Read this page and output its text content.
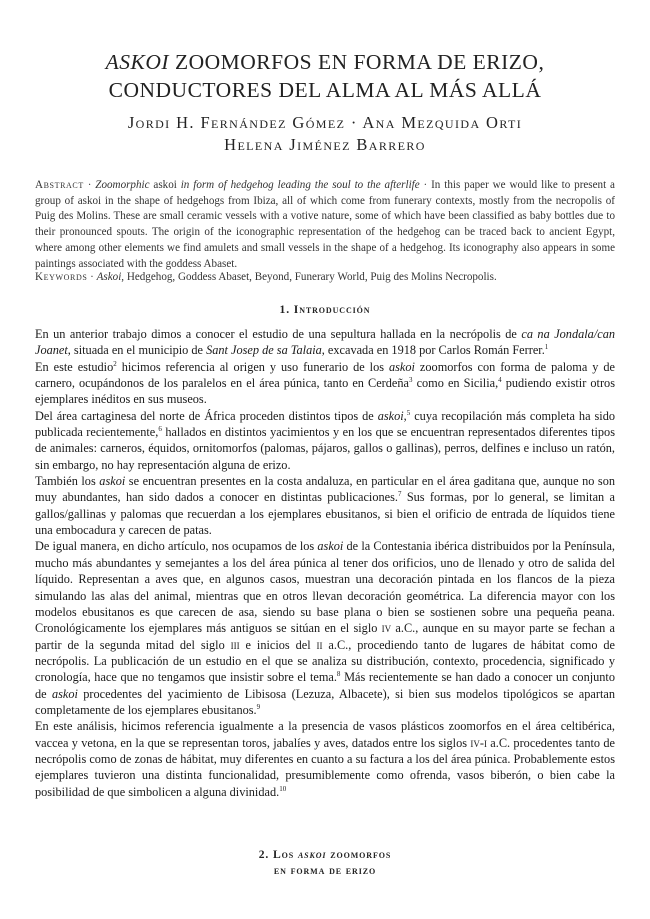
ASKOI ZOOMORFOS EN FORMA DE ERIZO,
CONDUCTORES DEL ALMA AL MÁS ALLÁ

Jordi H. Fernández Gómez · Ana Mezquida Orti

Helena Jiménez Barrero

Abstract · Zoomorphic askoi in form of hedgehog leading the soul to the afterlife · In this paper we would like to present a group of askoi in the shape of hedgehogs from Ibiza, all of which come from funerary contexts, mostly from the necropolis of Puig des Molins. These are small ceramic vessels with a votive nature, some of which have been classified as baby bottles due to their pronounced spouts. The origin of the iconographic representation of the hedgehog can be traced back to ancient Egypt, where among other elements we find amulets and small vessels in the shape of a hedgehog. Its iconography also appears in some paintings associated with the goddess Abaset.

Keywords · Askoi, Hedgehog, Goddess Abaset, Beyond, Funerary World, Puig des Molins Necropolis.

1. Introducción

En un anterior trabajo dimos a conocer el estudio de una sepultura hallada en la necrópolis de ca na Jondala/can Joanet, situada en el municipio de Sant Josep de sa Talaia, excavada en 1918 por Carlos Román Ferrer.$^1$

En este estudio$^2$ hicimos referencia al origen y uso funerario de los askoi zoomorfos con forma de paloma y de carnero, ocupándonos de los paralelos en el área púnica, tanto en Cerdeña$^3$ como en Sicilia,$^4$ pudiendo existir otros ejemplares inéditos en sus museos.

Del área cartaginesa del norte de África proceden distintos tipos de askoi,$^5$ cuya recopilación más completa ha sido publicada recientemente,$^6$ hallados en distintos yacimientos y en los que se encuentran representados diferentes tipos de animales: carneros, équidos, ornitomorfos (palomas, pájaros, gallos o gallinas), perros, delfines e incluso un ratón, sin embargo, no hay representación alguna de erizo.

También los askoi se encuentran presentes en la costa andaluza, en particular en el área gaditana que, aunque no son muy abundantes, han sido dados a conocer en distintas publicaciones.$^7$ Sus formas, por lo general, se limitan a gallos/gallinas y palomas que recuerdan a los ejemplares ebusitanos, si bien el orificio de entrada de líquidos tiene una embocadura y carecen de patas.

De igual manera, en dicho artículo, nos ocupamos de los askoi de la Contestania ibérica distribuidos por la Península, mucho más abundantes y semejantes a los del área púnica al tener dos orificios, uno de llenado y otro de salida del líquido. Representan a aves que, en algunos casos, muestran una decoración pintada en los flancos de la pieza simulando las alas del animal, mientras que en otros llevan decoración geométrica. La diferencia mayor con los modelos ebusitanos es que carecen de asa, siendo su base plana o bien se sostienen sobre una pequeña peana. Cronológicamente los ejemplares más antiguos se sitúan en el siglo iv a.C., aunque en su mayor parte se fechan a partir de la segunda mitad del siglo iii e inicios del ii a.C., procediendo tanto de lugares de hábitat como de necrópolis. La publicación de un estudio en el que se analiza su distribución, contexto, procedencia, significado y cronología, hace que no tengamos que insistir sobre el tema.$^8$ Más recientemente se han dado a conocer un conjunto de askoi procedentes del yacimiento de Libisosa (Lezuza, Albacete), si bien sus modelos tipológicos se apartan completamente de los ejemplares ebusitanos.$^9$

En este análisis, hicimos referencia igualmente a la presencia de vasos plásticos zoomorfos en el área celtibérica, vaccea y vetona, en la que se representan toros, jabalíes y aves, datados entre los siglos iv-i a.C. procedentes tanto de necrópolis como de zonas de hábitat, muy diferentes en cuanto a su factura a los del área púnica. Probablemente estos ejemplares tuvieron una distinta funcionalidad, presumiblemente como ofrenda, vasos biberón, o bien cabe la posibilidad de que simbolicen a alguna divinidad.$^{10}$

2. Los askoi zoomorfos
en forma de erizo
